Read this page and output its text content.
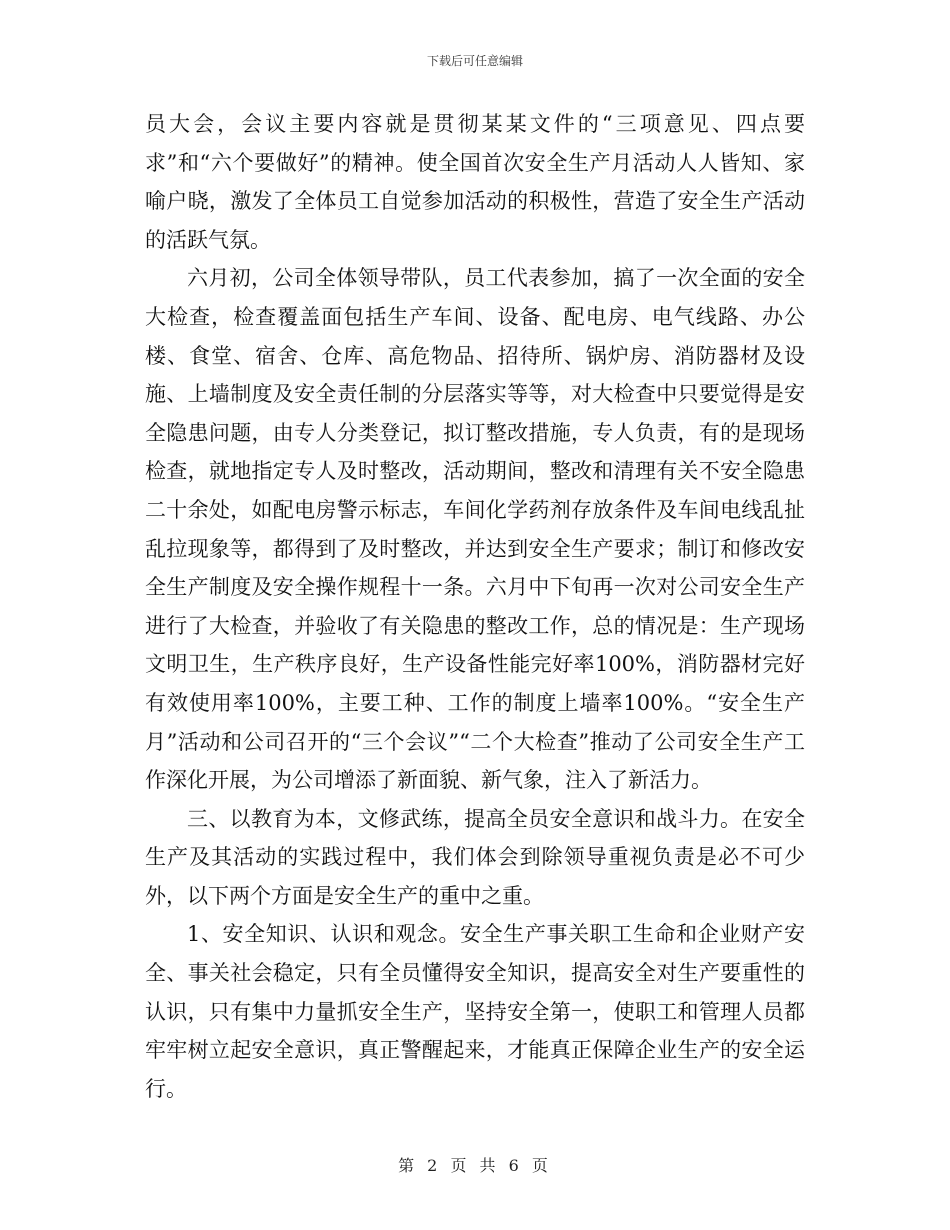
下载后可任意编辑

员大会，会议主要内容就是贯彻某某文件的“三项意见、四点要求”和“六个要做好”的精神。使全国首次安全生产月活动人人皆知、家喻户晓，激发了全体员工自觉参加活动的积极性，营造了安全生产活动的活跃气氛。

六月初，公司全体领导带队，员工代表参加，搞了一次全面的安全大检查，检查覆盖面包括生产车间、设备、配电房、电气线路、办公楼、食堂、宿舍、仓库、高危物品、招待所、锅炉房、消防器材及设施、上墙制度及安全责任制的分层落实等等，对大检查中只要觉得是安全隐患问题，由专人分类登记，拟订整改措施，专人负责，有的是现场检查，就地指定专人及时整改，活动期间，整改和清理有关不安全隐患二十余处，如配电房警示标志，车间化学药剂存放条件及车间电线乱扯乱拉现象等，都得到了及时整改，并达到安全生产要求；制订和修改安全生产制度及安全操作规程十一条。六月中下旬再一次对公司安全生产进行了大检查，并验收了有关隐患的整改工作，总的情况是：生产现场文明卫生，生产秩序良好，生产设备性能完好率100%，消防器材完好有效使用率100%，主要工种、工作的制度上墙率100%。“安全生产月”活动和公司召开的“三个会议”“二个大检查”推动了公司安全生产工作深化开展，为公司增添了新面貌、新气象，注入了新活力。

三、以教育为本，文修武练，提高全员安全意识和战斗力。在安全生产及其活动的实践过程中，我们体会到除领导重视负责是必不可少外，以下两个方面是安全生产的重中之重。

1、安全知识、认识和观念。安全生产事关职工生命和企业财产安全、事关社会稳定，只有全员懂得安全知识，提高安全对生产要重性的认识，只有集中力量抓安全生产，坚持安全第一，使职工和管理人员都牢牢树立起安全意识，真正警醒起来，才能真正保障企业生产的安全运行。

第 2 页 共 6 页
